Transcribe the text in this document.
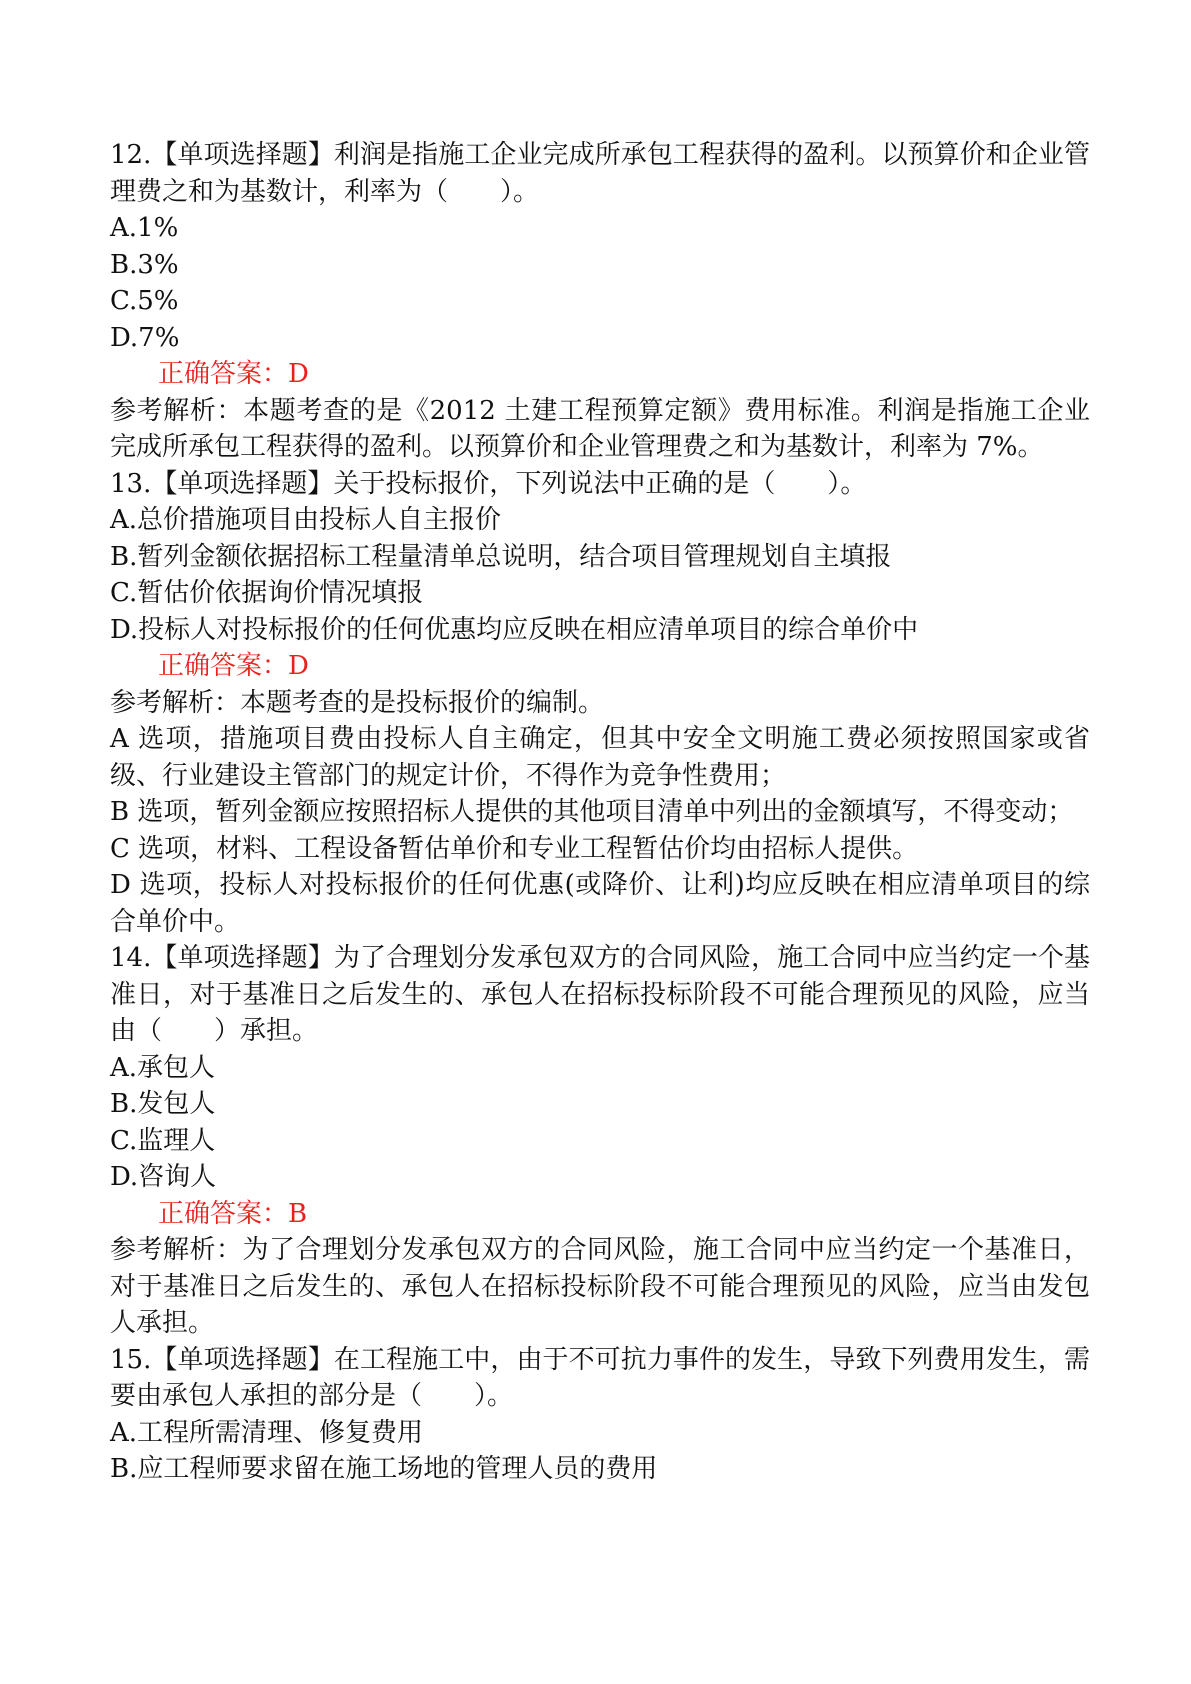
12.【单项选择题】利润是指施工企业完成所承包工程获得的盈利。以预算价和企业管理费之和为基数计，利率为（　　）。

A.1%

B.3%

C.5%

D.7%

正确答案：D

参考解析：本题考查的是《2012 土建工程预算定额》费用标准。利润是指施工企业完成所承包工程获得的盈利。以预算价和企业管理费之和为基数计，利率为 7%。

13.【单项选择题】关于投标报价，下列说法中正确的是（　　）。

A.总价措施项目由投标人自主报价

B.暂列金额依据招标工程量清单总说明，结合项目管理规划自主填报

C.暂估价依据询价情况填报

D.投标人对投标报价的任何优惠均应反映在相应清单项目的综合单价中

正确答案：D

参考解析：本题考查的是投标报价的编制。

A 选项，措施项目费由投标人自主确定，但其中安全文明施工费必须按照国家或省级、行业建设主管部门的规定计价，不得作为竞争性费用；

B 选项，暂列金额应按照招标人提供的其他项目清单中列出的金额填写，不得变动；

C 选项，材料、工程设备暂估单价和专业工程暂估价均由招标人提供。

D 选项，投标人对投标报价的任何优惠(或降价、让利)均应反映在相应清单项目的综合单价中。

14.【单项选择题】为了合理划分发承包双方的合同风险，施工合同中应当约定一个基准日，对于基准日之后发生的、承包人在招标投标阶段不可能合理预见的风险，应当由（　　）承担。

A.承包人

B.发包人

C.监理人

D.咨询人

正确答案：B

参考解析：为了合理划分发承包双方的合同风险，施工合同中应当约定一个基准日，对于基准日之后发生的、承包人在招标投标阶段不可能合理预见的风险，应当由发包人承担。

15.【单项选择题】在工程施工中，由于不可抗力事件的发生，导致下列费用发生，需要由承包人承担的部分是（　　）。

A.工程所需清理、修复费用

B.应工程师要求留在施工场地的管理人员的费用
